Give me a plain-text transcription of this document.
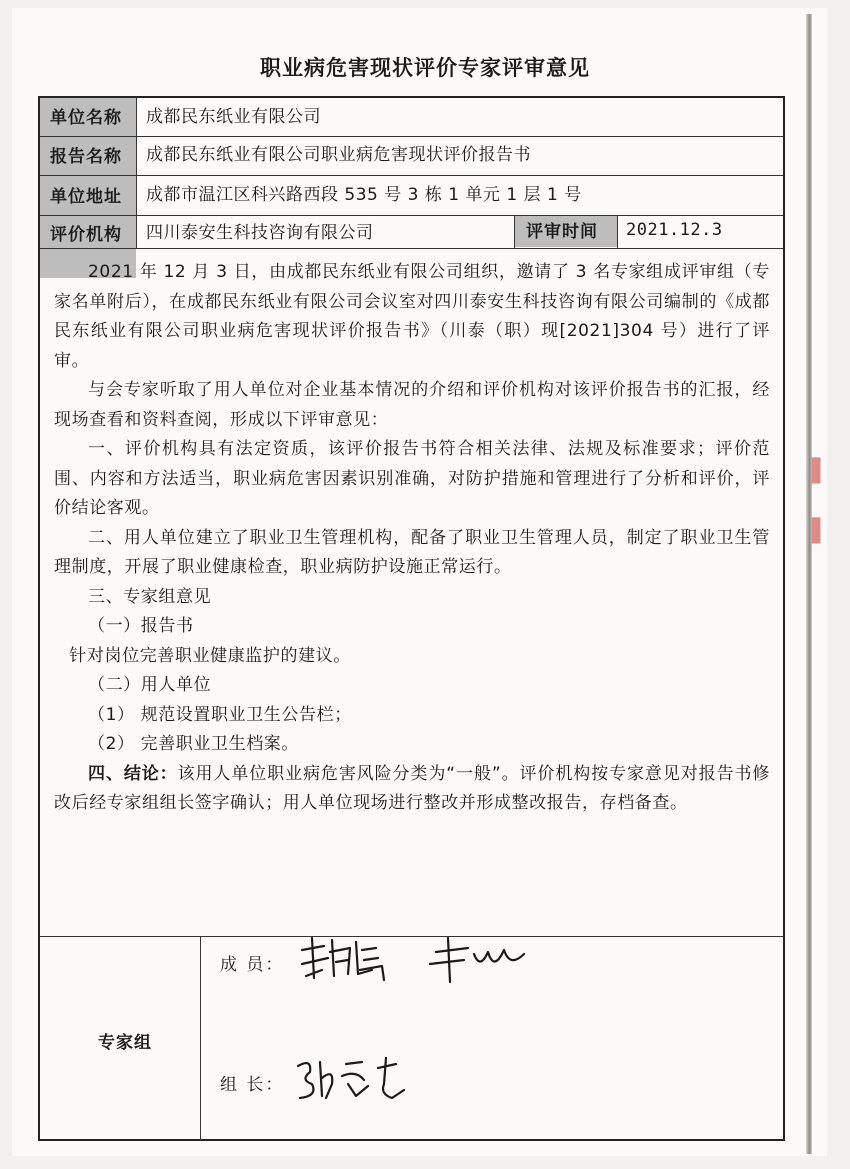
▌
▌
职业病危害现状评价专家评审意见
单位名称 成都民东纸业有限公司
报告名称 成都民东纸业有限公司职业病危害现状评价报告书
单位地址 成都市温江区科兴路西段 535 号 3 栋 1 单元 1 层 1 号
评价机构 四川泰安生科技咨询有限公司	评审时间 2021.12.3

2021 年 12 月 3 日，由成都民东纸业有限公司组织，邀请了 3 名专家组成评审组（专家名单附后），在成都民东纸业有限公司会议室对四川泰安生科技咨询有限公司编制的《成都民东纸业有限公司职业病危害现状评价报告书》（川泰（职）现[2021]304 号）进行了评审。

与会专家听取了用人单位对企业基本情况的介绍和评价机构对该评价报告书的汇报，经现场查看和资料查阅，形成以下评审意见：

一、评价机构具有法定资质，该评价报告书符合相关法律、法规及标准要求；评价范围、内容和方法适当，职业病危害因素识别准确，对防护措施和管理进行了分析和评价，评价结论客观。

二、用人单位建立了职业卫生管理机构，配备了职业卫生管理人员，制定了职业卫生管理制度，开展了职业健康检查，职业病防护设施正常运行。

三、专家组意见

（一）报告书

针对岗位完善职业健康监护的建议。

（二）用人单位

（1） 规范设置职业卫生公告栏；

（2） 完善职业卫生档案。

四、结论：该用人单位职业病危害风险分类为“一般”。评价机构按专家意见对报告书修改后经专家组组长签字确认；用人单位现场进行整改并形成整改报告，存档备查。

专家组
成 员：
组 长：
